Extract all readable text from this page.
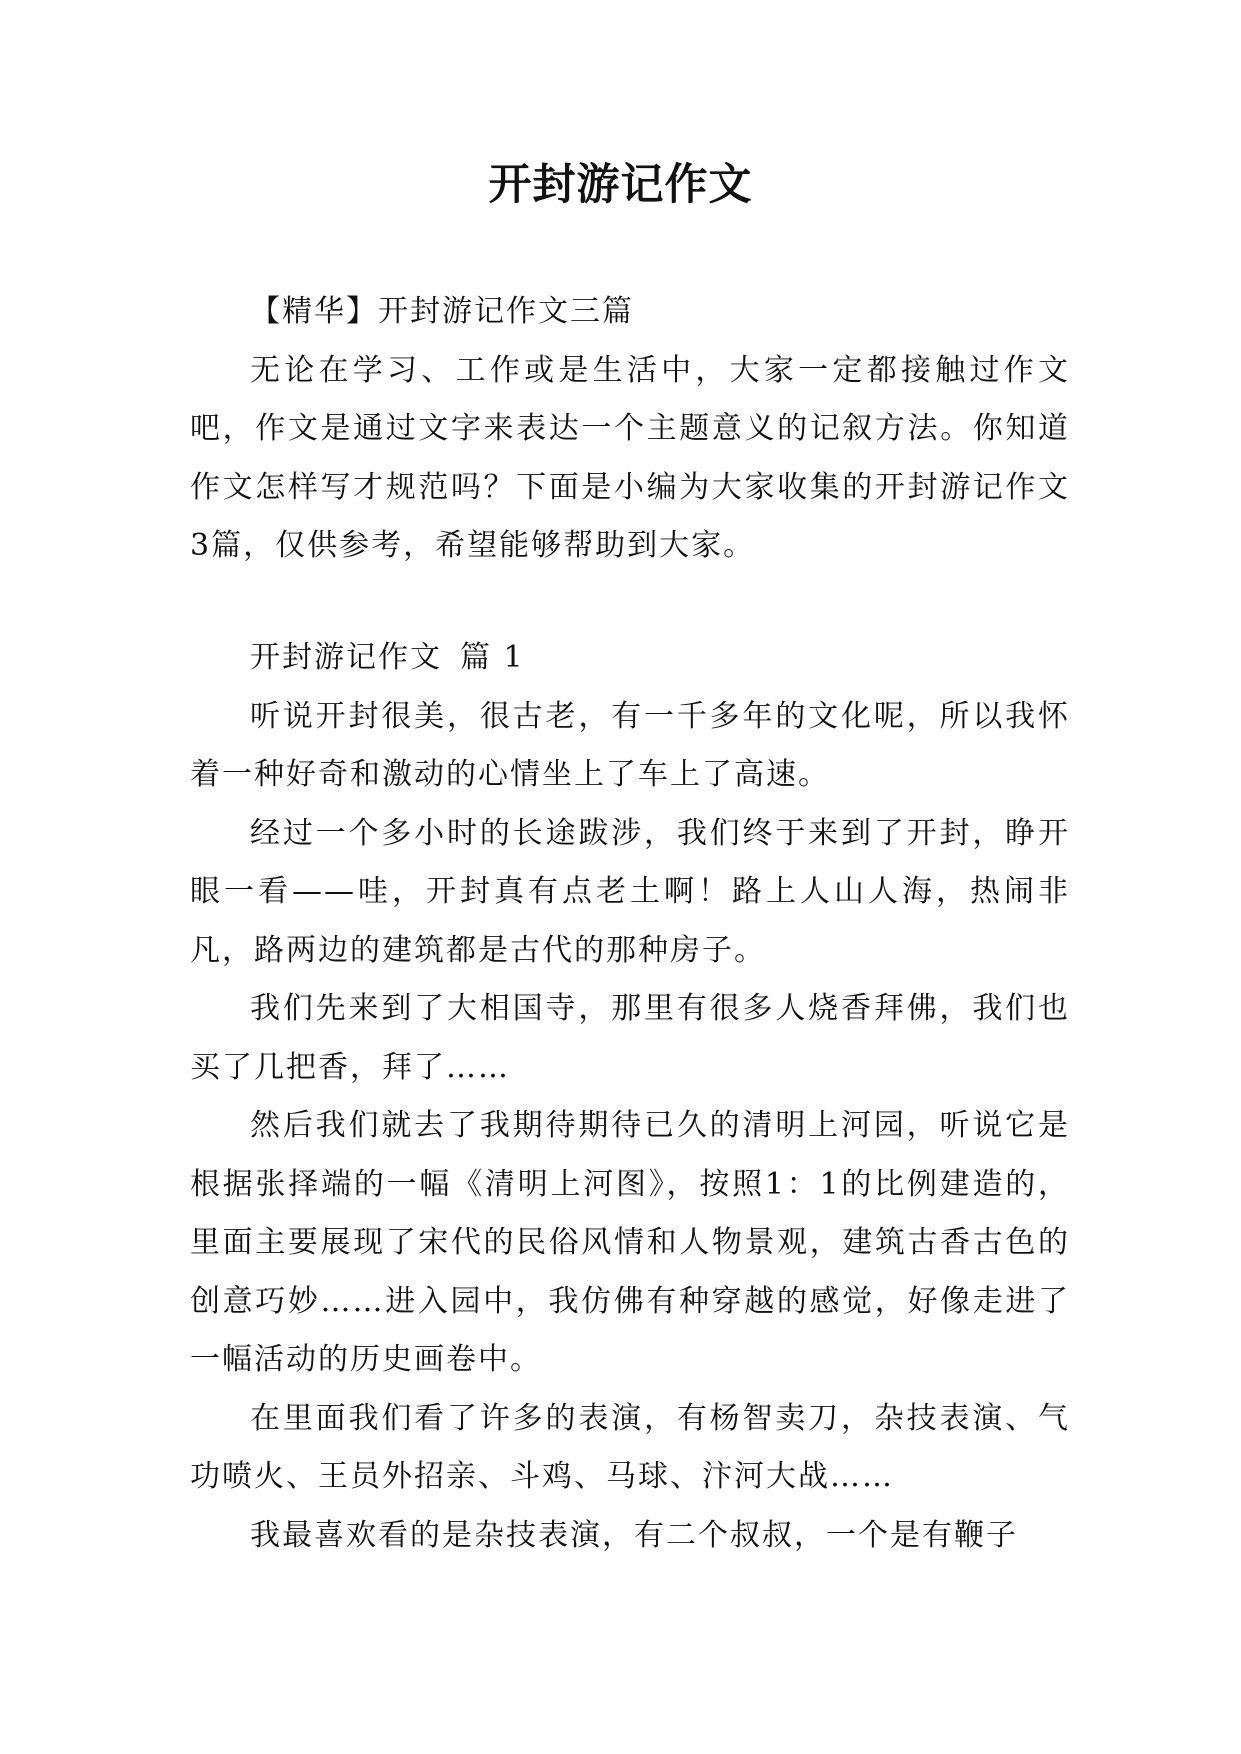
开封游记作文

【精华】开封游记作文三篇

无论在学习、工作或是生活中，大家一定都接触过作文吧，作文是通过文字来表达一个主题意义的记叙方法。你知道作文怎样写才规范吗？下面是小编为大家收集的开封游记作文3篇，仅供参考，希望能够帮助到大家。

开封游记作文 篇 1

听说开封很美，很古老，有一千多年的文化呢，所以我怀着一种好奇和激动的心情坐上了车上了高速。

经过一个多小时的长途跋涉，我们终于来到了开封，睁开眼一看——哇，开封真有点老土啊！路上人山人海，热闹非凡，路两边的建筑都是古代的那种房子。

我们先来到了大相国寺，那里有很多人烧香拜佛，我们也买了几把香，拜了……

然后我们就去了我期待期待已久的清明上河园，听说它是根据张择端的一幅《清明上河图》，按照1：1的比例建造的，里面主要展现了宋代的民俗风情和人物景观，建筑古香古色的创意巧妙……进入园中，我仿佛有种穿越的感觉，好像走进了一幅活动的历史画卷中。

在里面我们看了许多的表演，有杨智卖刀，杂技表演、气功喷火、王员外招亲、斗鸡、马球、汴河大战……

我最喜欢看的是杂技表演，有二个叔叔，一个是有鞭子
